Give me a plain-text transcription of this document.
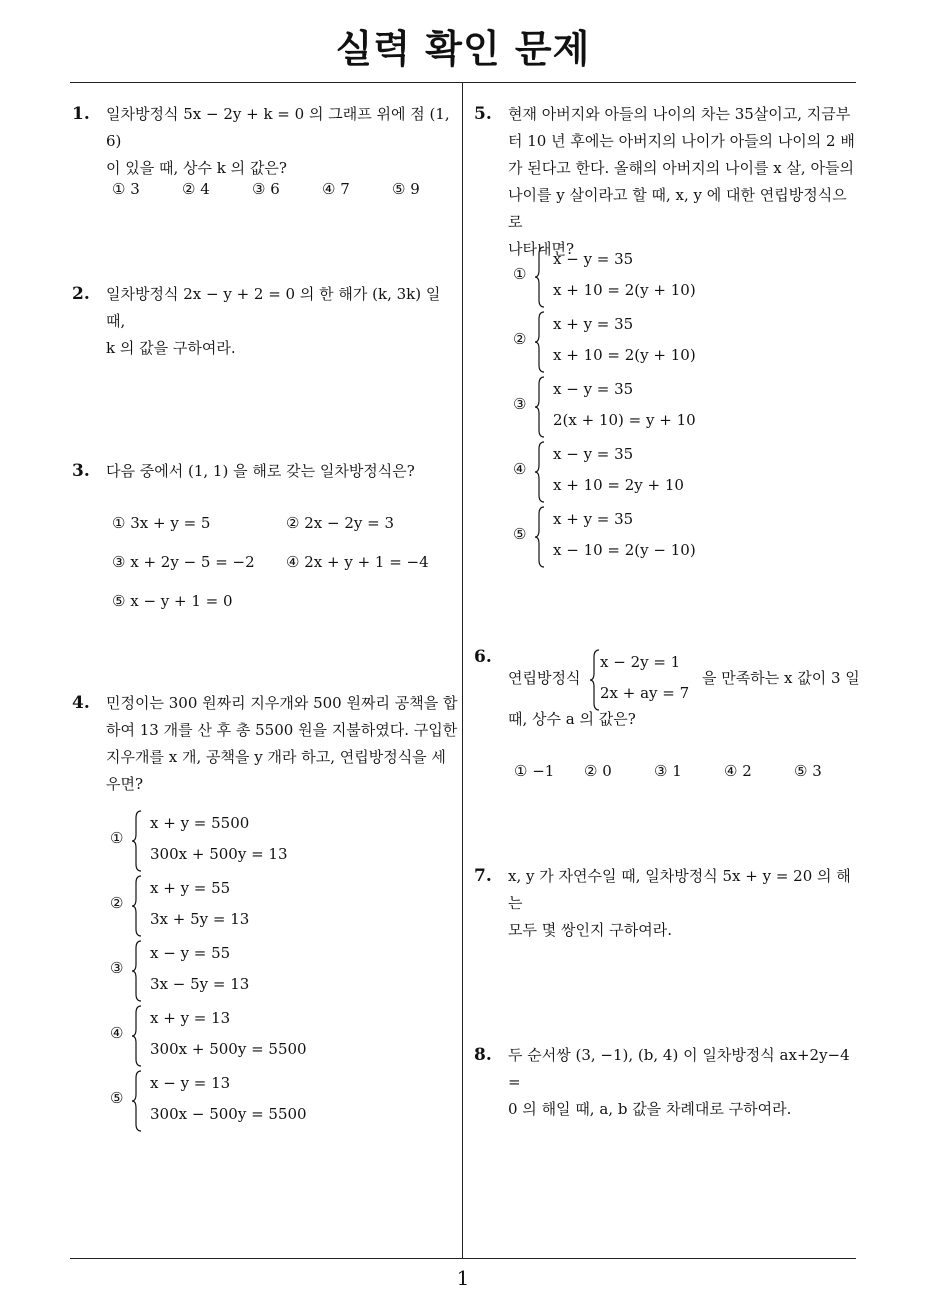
실력 확인 문제
1
1. 일차방정식 5x − 2y + k = 0 의 그래프 위에 점 (1, 6)
이 있을 때, 상수 k 의 값은?
① 3	② 4	③ 6	④ 7	⑤ 9
2. 일차방정식 2x − y + 2 = 0 의 한 해가 (k, 3k) 일 때,
k 의 값을 구하여라.
3. 다음 중에서 (1, 1) 을 해로 갖는 일차방정식은?
① 3x + y = 5	② 2x − 2y = 3
③ x + 2y − 5 = −2 ④ 2x + y + 1 = −4
⑤ x − y + 1 = 0
4. 민정이는 300 원짜리 지우개와 500 원짜리 공책을 합
하여 13 개를 산 후 총 5500 원을 지불하였다. 구입한
지우개를 x 개, 공책을 y 개라 하고, 연립방정식을 세
우면?
①
x + y = 5500
300x + 500y = 13
②
x + y = 55
3x + 5y = 13
③
x − y = 55
3x − 5y = 13
④
x + y = 13
300x + 500y = 5500
⑤
x − y = 13
300x − 500y = 5500
5. 현재 아버지와 아들의 나이의 차는 35살이고, 지금부
터 10 년 후에는 아버지의 나이가 아들의 나이의 2 배
가 된다고 한다. 올해의 아버지의 나이를 x 살, 아들의
나이를 y 살이라고 할 때, x, y 에 대한 연립방정식으로
나타내면?
①
x − y = 35
x + 10 = 2(y + 10)
②
x + y = 35
x + 10 = 2(y + 10)
③
x − y = 35
2(x + 10) = y + 10
④
x − y = 35
x + 10 = 2y + 10
⑤
x + y = 35
x − 10 = 2(y − 10)
6.
연립방정식
x − 2y = 1
2x + ay = 7
을 만족하는 x 값이 3 일
때, 상수 a 의 값은?
① −1 ② 0	③ 1	④ 2	⑤ 3
7. x, y 가 자연수일 때, 일차방정식 5x + y = 20 의 해는
모두 몇 쌍인지 구하여라.
8. 두 순서쌍 (3, −1), (b, 4) 이 일차방정식 ax+2y−4 =
0 의 해일 때, a, b 값을 차례대로 구하여라.
